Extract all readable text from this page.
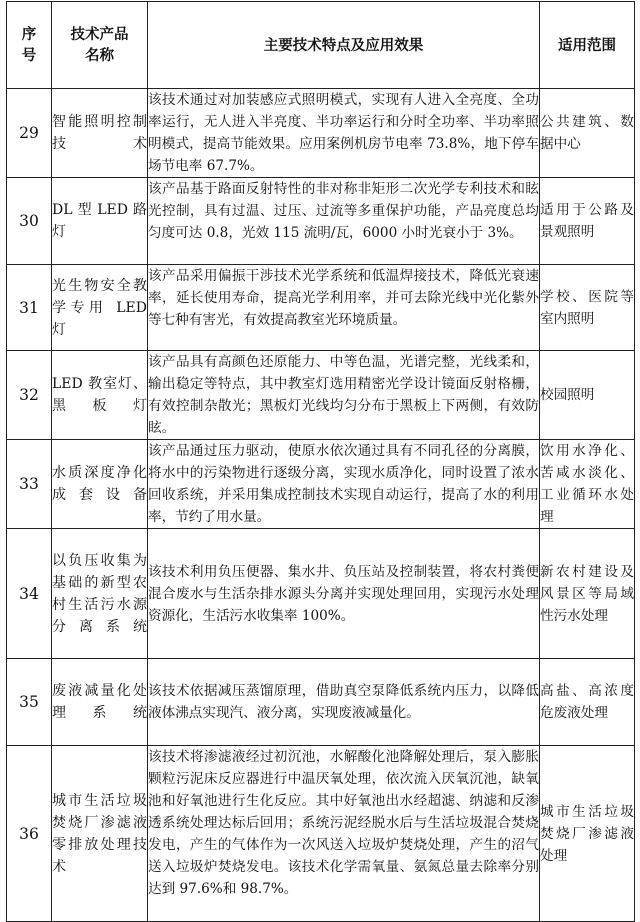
序号	技术产品名称	主要技术特点及应用效果	适用范围
29	智能照明控制技术	该技术通过对加装感应式照明模式，实现有人进入全亮度、全功率运行，无人进入半亮度、半功率运行和分时全功率、半功率照明模式，提高节能效果。应用案例机房节电率 73.8%，地下停车场节电率 67.7%。	公共建筑、数据中心
30	DL 型 LED 路灯	该产品基于路面反射特性的非对称非矩形二次光学专利技术和眩光控制，具有过温、过压、过流等多重保护功能，产品亮度总均匀度可达 0.8，光效 115 流明/瓦，6000 小时光衰小于 3%。	适用于公路及景观照明
31	光生物安全教学专用 LED 灯	该产品采用偏振干涉技术光学系统和低温焊接技术，降低光衰速率，延长使用寿命，提高光学利用率，并可去除光线中光化紫外等七种有害光，有效提高教室光环境质量。	学校、医院等室内照明
32	LED 教室灯、黑板灯	该产品具有高颜色还原能力、中等色温，光谱完整，光线柔和，输出稳定等特点，其中教室灯选用精密光学设计镜面反射格栅，有效控制杂散光；黑板灯光线均匀分布于黑板上下两侧，有效防眩。	校园照明
33	水质深度净化成套设备	该产品通过压力驱动，使原水依次通过具有不同孔径的分离膜，将水中的污染物进行逐级分离，实现水质净化，同时设置了浓水回收系统，并采用集成控制技术实现自动运行，提高了水的利用率，节约了用水量。	饮用水净化、苦咸水淡化、工业循环水处理
34	以负压收集为基础的新型农村生活污水源分离系统	该技术利用负压便器、集水井、负压站及控制装置，将农村粪便混合废水与生活杂排水源头分离并实现处理回用，实现污水处理资源化，生活污水收集率 100%。	新农村建设及风景区等局域性污水处理
35	废液减量化处理系统	该技术依据减压蒸馏原理，借助真空泵降低系统内压力，以降低液体沸点实现汽、液分离，实现废液减量化。	高盐、高浓度危废液处理
36	城市生活垃圾焚烧厂渗滤液零排放处理技术	该技术将渗滤液经过初沉池，水解酸化池降解处理后，泵入膨胀颗粒污泥床反应器进行中温厌氧处理，依次流入厌氧沉池，缺氧池和好氧池进行生化反应。其中好氧池出水经超滤、纳滤和反渗透系统处理达标后回用；系统污泥经脱水后与生活垃圾混合焚烧发电，产生的气体作为一次风送入垃圾炉焚烧处理，产生的沼气送入垃圾炉焚烧发电。该技术化学需氧量、氨氮总量去除率分别达到 97.6%和 98.7%。	城市生活垃圾焚烧厂渗滤液处理
